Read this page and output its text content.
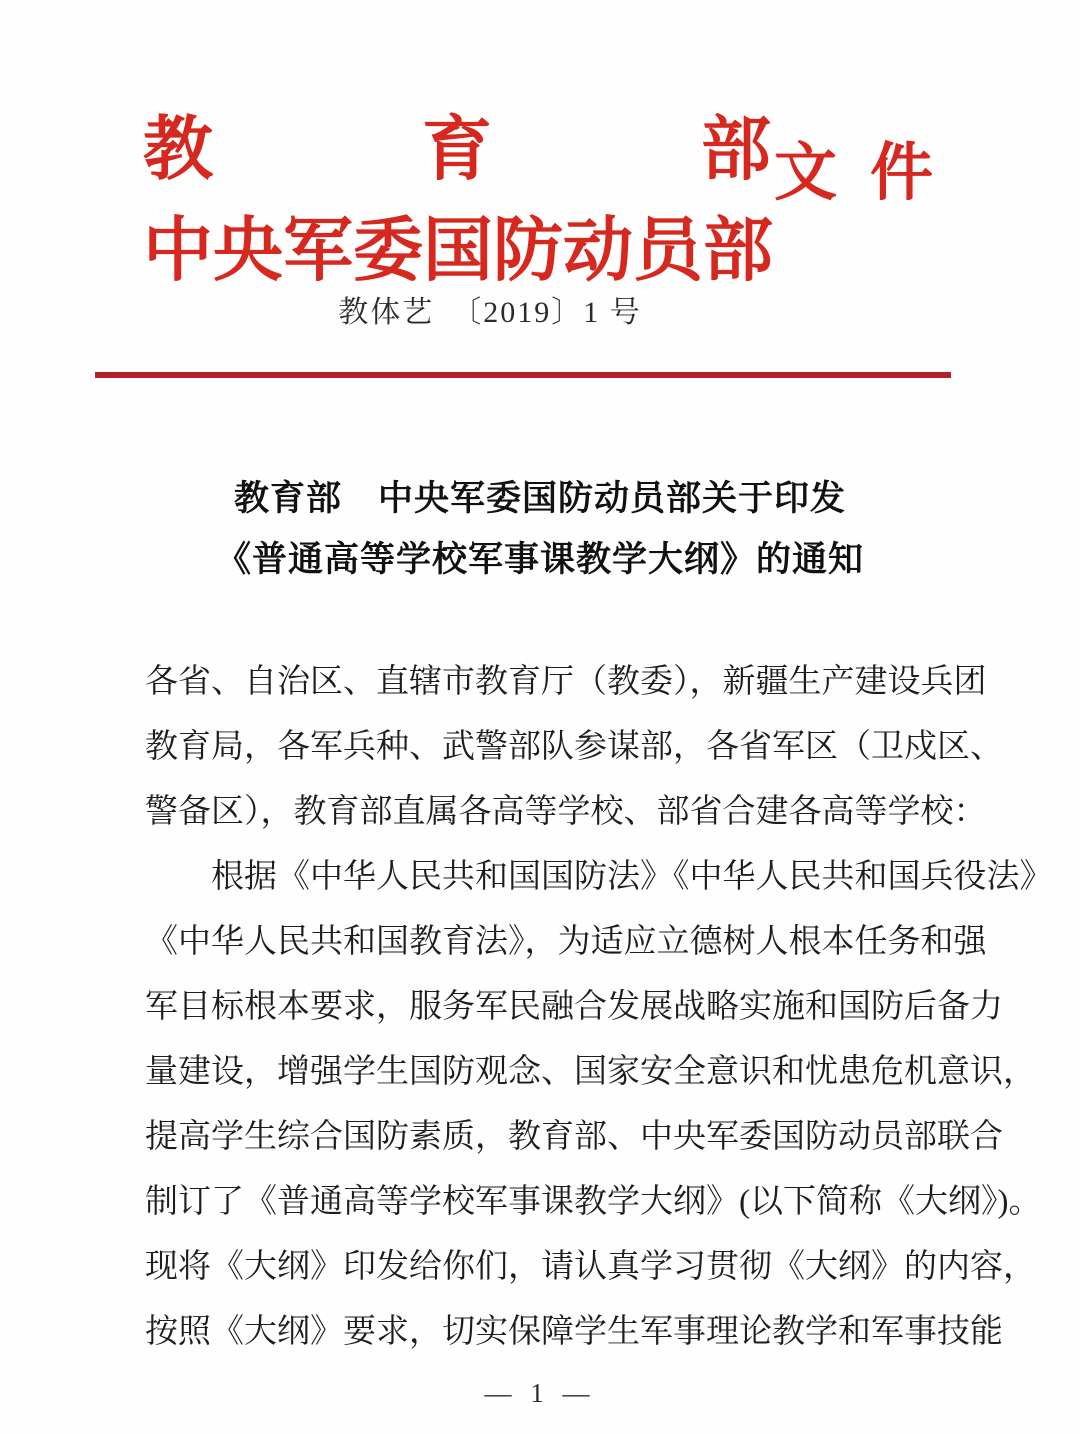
教	育	部
中央军委国防动员部
文 件
教体艺　〔2019〕1 号
教育部　中央军委国防动员部关于印发
《普通高等学校军事课教学大纲》的通知
各省、自治区、直辖市教育厅（教委），新疆生产建设兵团
教育局，各军兵种、武警部队参谋部，各省军区（卫戍区、
警备区），教育部直属各高等学校、部省合建各高等学校：
根据《中华人民共和国国防法》《中华人民共和国兵役法》
《中华人民共和国教育法》，为适应立德树人根本任务和强
军目标根本要求，服务军民融合发展战略实施和国防后备力
量建设，增强学生国防观念、国家安全意识和忧患危机意识，
提高学生综合国防素质，教育部、中央军委国防动员部联合
制订了《普通高等学校军事课教学大纲》(以下简称《大纲》)。
现将《大纲》印发给你们，请认真学习贯彻《大纲》的内容，
按照《大纲》要求，切实保障学生军事理论教学和军事技能
— 1 —
